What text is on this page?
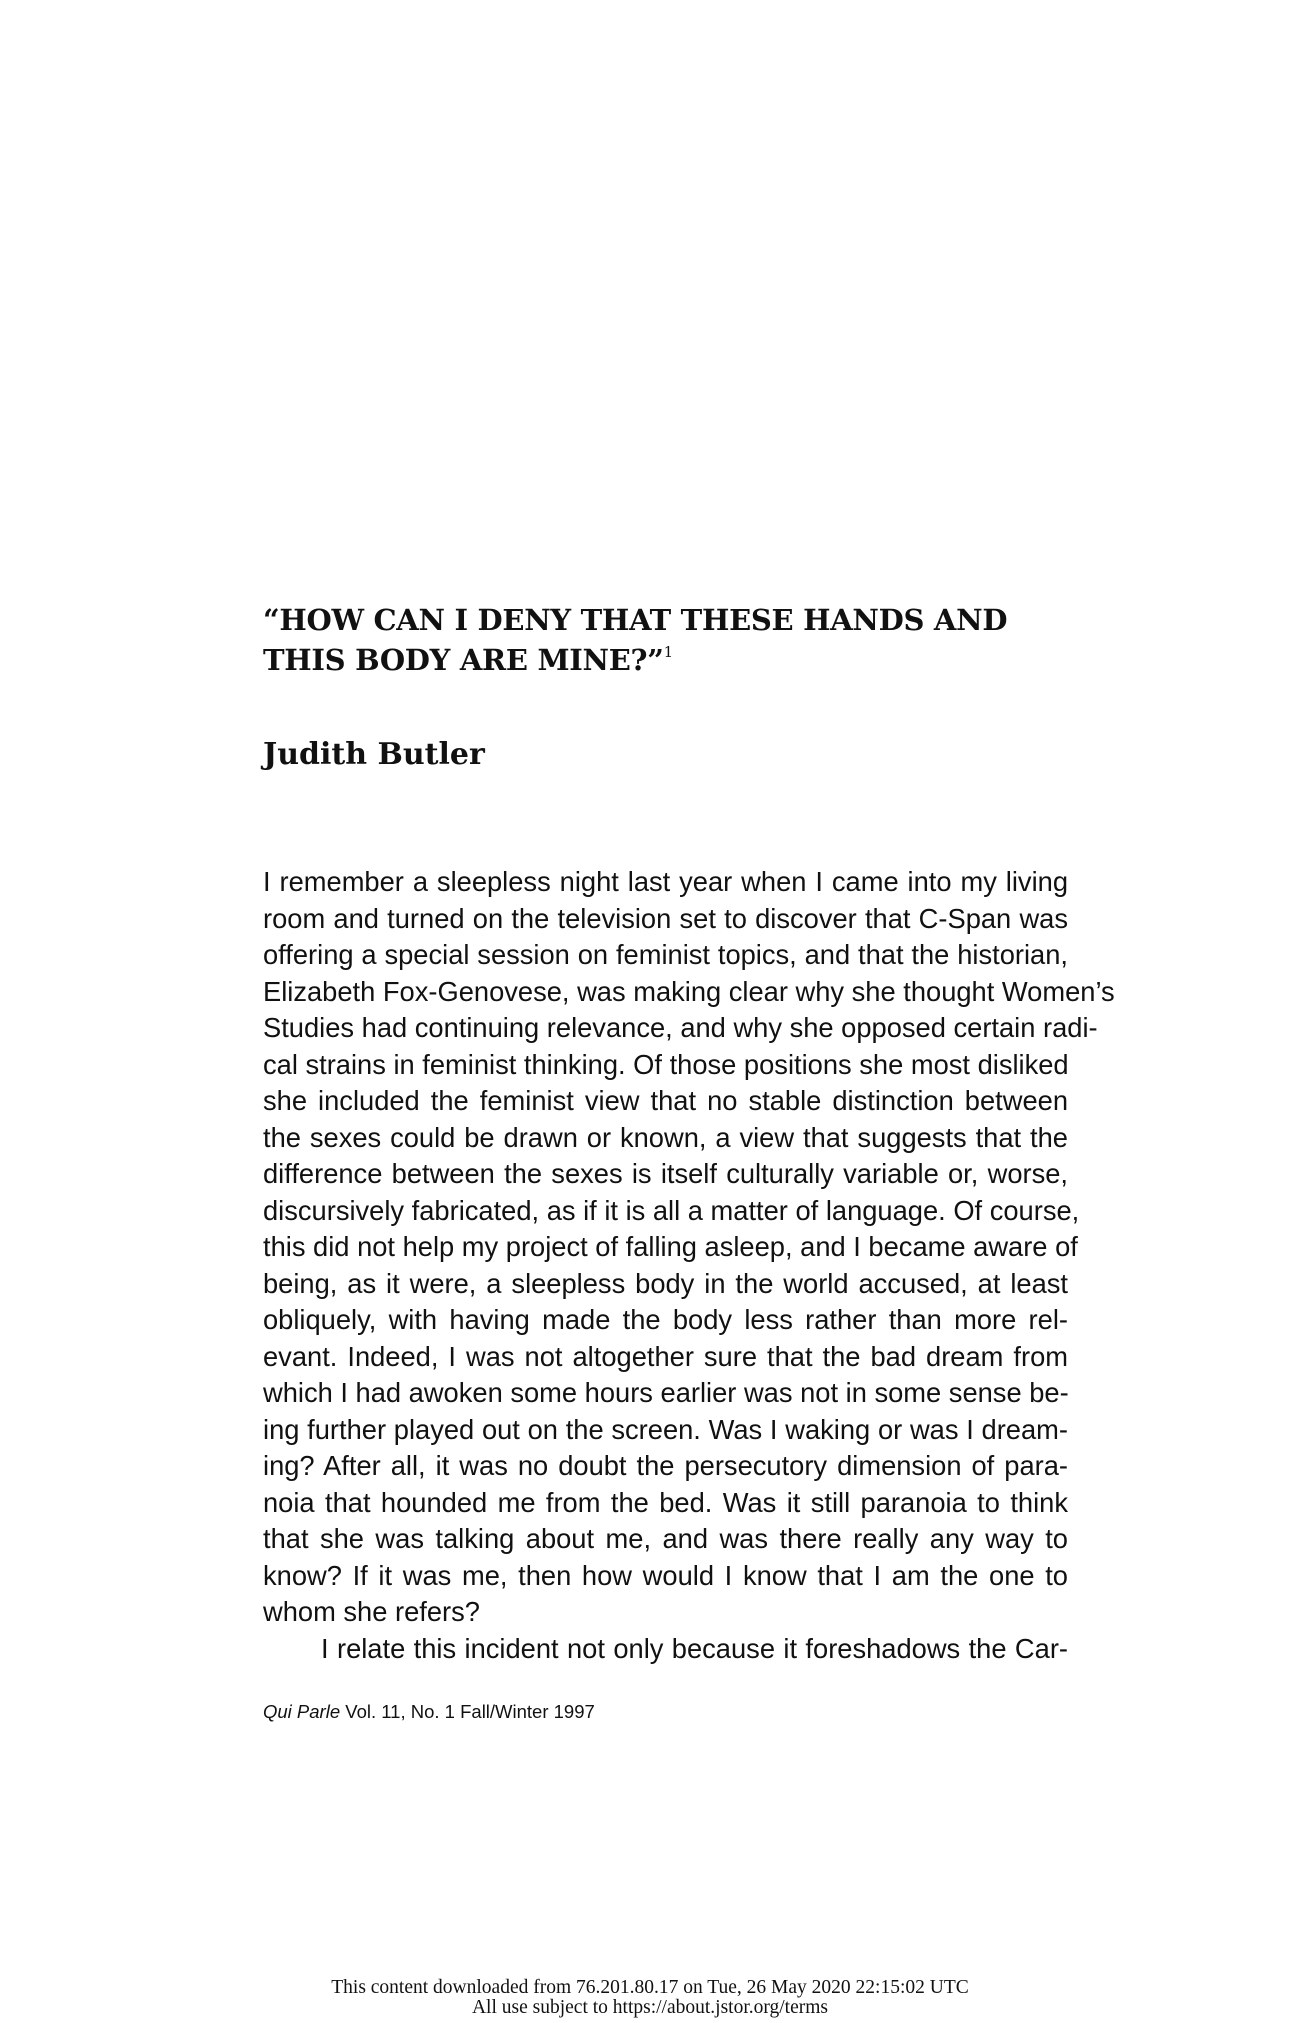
“HOW CAN I DENY THAT THESE HANDS AND
THIS BODY ARE MINE?”$^1$
Judith Butler
I remember a sleepless night last year when I came into my living
room and turned on the television set to discover that C-Span was
offering a special session on feminist topics, and that the historian,
Elizabeth Fox-Genovese, was making clear why she thought Women’s
Studies had continuing relevance, and why she opposed certain radi-
cal strains in feminist thinking. Of those positions she most disliked
she included the feminist view that no stable distinction between
the sexes could be drawn or known, a view that suggests that the
difference between the sexes is itself culturally variable or, worse,
discursively fabricated, as if it is all a matter of language. Of course,
this did not help my project of falling asleep, and I became aware of
being, as it were, a sleepless body in the world accused, at least
obliquely, with having made the body less rather than more rel-
evant. Indeed, I was not altogether sure that the bad dream from
which I had awoken some hours earlier was not in some sense be-
ing further played out on the screen. Was I waking or was I dream-
ing? After all, it was no doubt the persecutory dimension of para-
noia that hounded me from the bed. Was it still paranoia to think
that she was talking about me, and was there really any way to
know? If it was me, then how would I know that I am the one to
whom she refers?
I relate this incident not only because it foreshadows the Car-
Qui Parle Vol. 11, No. 1 Fall/Winter 1997
This content downloaded from 76.201.80.17 on Tue, 26 May 2020 22:15:02 UTC
All use subject to https://about.jstor.org/terms
